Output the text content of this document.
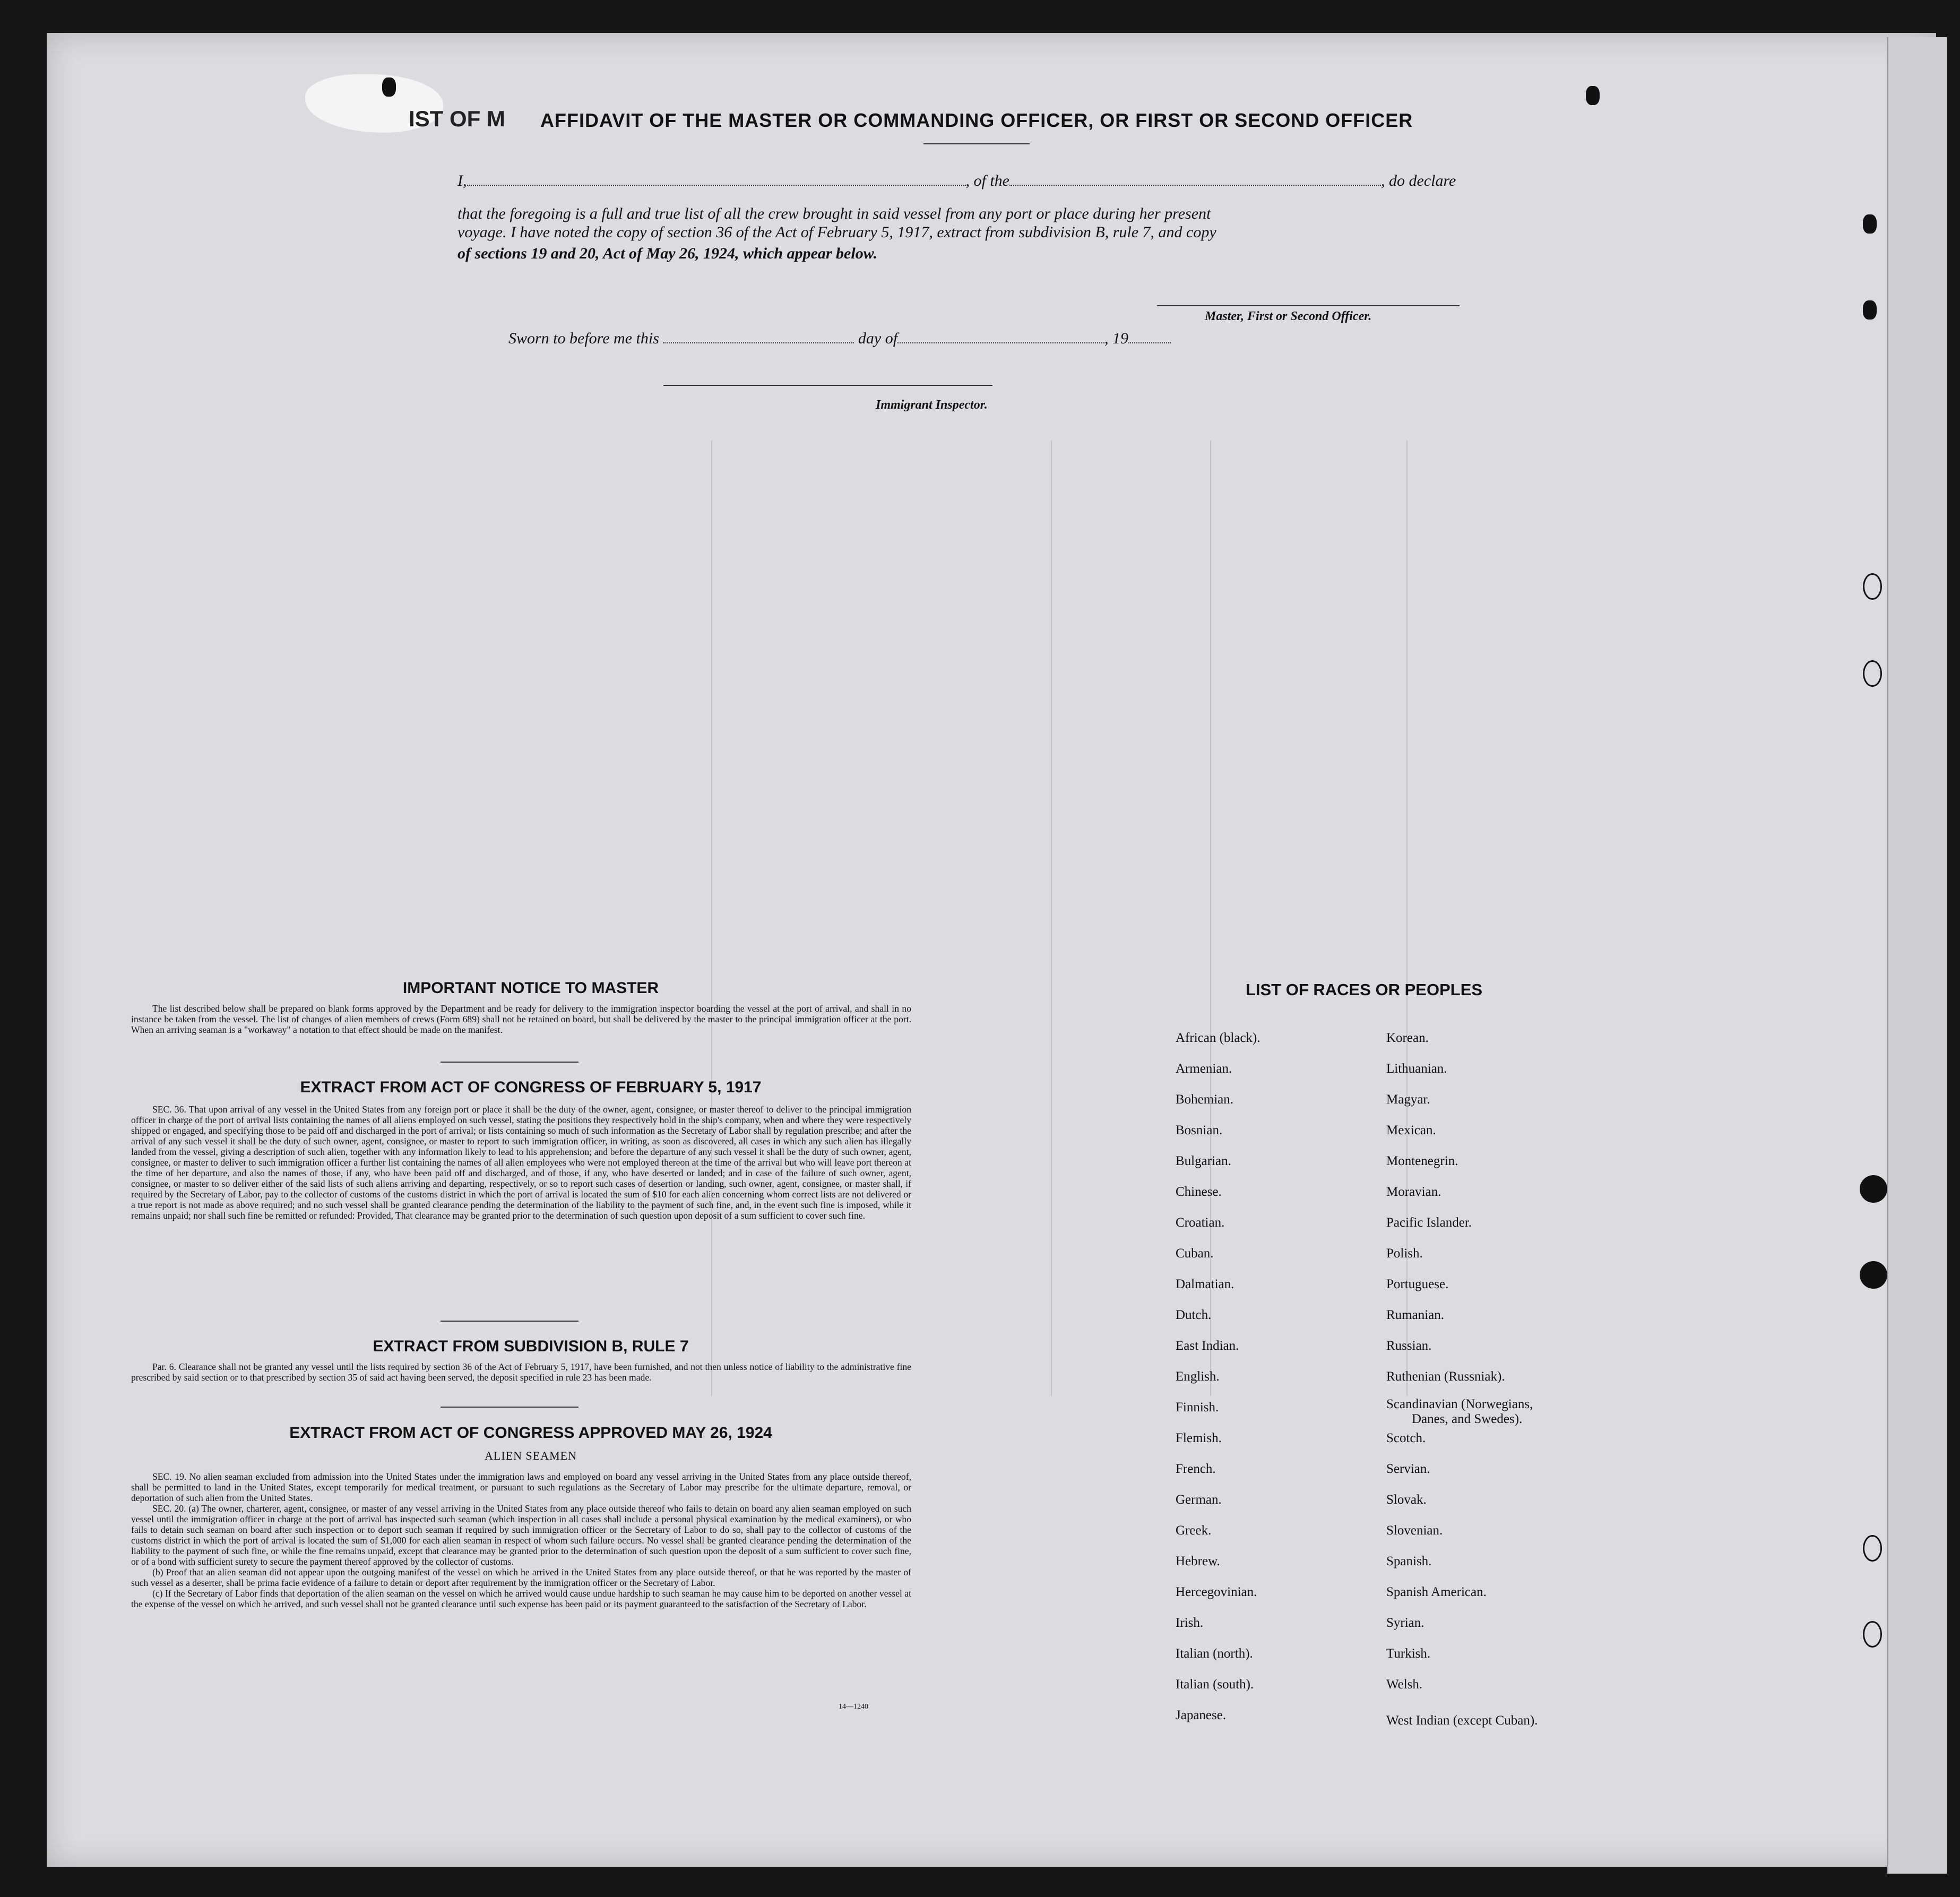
IST OF M AFFIDAVIT OF THE MASTER OR COMMANDING OFFICER, OR FIRST OR SECOND OFFICER
I,	, of the	, do declare
that the foregoing is a full and true list of all the crew brought in said vessel from any port or place during her present
voyage. I have noted the copy of section 36 of the Act of February 5, 1917, extract from subdivision B, rule 7, and copy
of sections 19 and 20, Act of May 26, 1924, which appear below.
Master, First or Second Officer.
Sworn to before me this	day of	, 19
Immigrant Inspector.
IMPORTANT NOTICE TO MASTER

The list described below shall be prepared on blank forms approved by the Department and be ready for delivery to the immigration inspector boarding the vessel at the port of arrival, and shall in no instance be taken from the vessel. The list of changes of alien members of crews (Form 689) shall not be retained on board, but shall be delivered by the master to the principal immigration officer at the port. When an arriving seaman is a "workaway" a notation to that effect should be made on the manifest.

EXTRACT FROM ACT OF CONGRESS OF FEBRUARY 5, 1917

SEC. 36. That upon arrival of any vessel in the United States from any foreign port or place it shall be the duty of the owner, agent, consignee, or master thereof to deliver to the principal immigration officer in charge of the port of arrival lists containing the names of all aliens employed on such vessel, stating the positions they respectively hold in the ship's company, when and where they were respectively shipped or engaged, and specifying those to be paid off and discharged in the port of arrival; or lists containing so much of such information as the Secretary of Labor shall by regulation prescribe; and after the arrival of any such vessel it shall be the duty of such owner, agent, consignee, or master to report to such immigration officer, in writing, as soon as discovered, all cases in which any such alien has illegally landed from the vessel, giving a description of such alien, together with any information likely to lead to his apprehension; and before the departure of any such vessel it shall be the duty of such owner, agent, consignee, or master to deliver to such immigration officer a further list containing the names of all alien employees who were not employed thereon at the time of the arrival but who will leave port thereon at the time of her departure, and also the names of those, if any, who have been paid off and discharged, and of those, if any, who have deserted or landed; and in case of the failure of such owner, agent, consignee, or master to so deliver either of the said lists of such aliens arriving and departing, respectively, or so to report such cases of desertion or landing, such owner, agent, consignee, or master shall, if required by the Secretary of Labor, pay to the collector of customs of the customs district in which the port of arrival is located the sum of $10 for each alien concerning whom correct lists are not delivered or a true report is not made as above required; and no such vessel shall be granted clearance pending the determination of the liability to the payment of such fine, and, in the event such fine is imposed, while it remains unpaid; nor shall such fine be remitted or refunded: Provided, That clearance may be granted prior to the determination of such question upon deposit of a sum sufficient to cover such fine.

EXTRACT FROM SUBDIVISION B, RULE 7

Par. 6. Clearance shall not be granted any vessel until the lists required by section 36 of the Act of February 5, 1917, have been furnished, and not then unless notice of liability to the administrative fine prescribed by said section or to that prescribed by section 35 of said act having been served, the deposit specified in rule 23 has been made.

EXTRACT FROM ACT OF CONGRESS APPROVED MAY 26, 1924
ALIEN SEAMEN

SEC. 19. No alien seaman excluded from admission into the United States under the immigration laws and employed on board any vessel arriving in the United States from any place outside thereof, shall be permitted to land in the United States, except temporarily for medical treatment, or pursuant to such regulations as the Secretary of Labor may prescribe for the ultimate departure, removal, or deportation of such alien from the United States.

SEC. 20. (a) The owner, charterer, agent, consignee, or master of any vessel arriving in the United States from any place outside thereof who fails to detain on board any alien seaman employed on such vessel until the immigration officer in charge at the port of arrival has inspected such seaman (which inspection in all cases shall include a personal physical examination by the medical examiners), or who fails to detain such seaman on board after such inspection or to deport such seaman if required by such immigration officer or the Secretary of Labor to do so, shall pay to the collector of customs of the customs district in which the port of arrival is located the sum of $1,000 for each alien seaman in respect of whom such failure occurs. No vessel shall be granted clearance pending the determination of the liability to the payment of such fine, or while the fine remains unpaid, except that clearance may be granted prior to the determination of such question upon the deposit of a sum sufficient to cover such fine, or of a bond with sufficient surety to secure the payment thereof approved by the collector of customs.

(b) Proof that an alien seaman did not appear upon the outgoing manifest of the vessel on which he arrived in the United States from any place outside thereof, or that he was reported by the master of such vessel as a deserter, shall be prima facie evidence of a failure to detain or deport after requirement by the immigration officer or the Secretary of Labor.

(c) If the Secretary of Labor finds that deportation of the alien seaman on the vessel on which he arrived would cause undue hardship to such seaman he may cause him to be deported on another vessel at the expense of the vessel on which he arrived, and such vessel shall not be granted clearance until such expense has been paid or its payment guaranteed to the satisfaction of the Secretary of Labor.

14—1240
LIST OF RACES OR PEOPLES
African (black).
Armenian.
Bohemian.
Bosnian.
Bulgarian.
Chinese.
Croatian.
Cuban.
Dalmatian.
Dutch.
East Indian.
English.
Finnish.
Flemish.
French.
German.
Greek.
Hebrew.
Hercegovinian.
Irish.
Italian (north).
Italian (south).
Japanese.
Korean.
Lithuanian.
Magyar.
Mexican.
Montenegrin.
Moravian.
Pacific Islander.
Polish.
Portuguese.
Rumanian.
Russian.
Ruthenian (Russniak).
Scandinavian (Norwegians,
Danes, and Swedes).
Scotch.
Servian.
Slovak.
Slovenian.
Spanish.
Spanish American.
Syrian.
Turkish.
Welsh.
West Indian (except Cuban).
